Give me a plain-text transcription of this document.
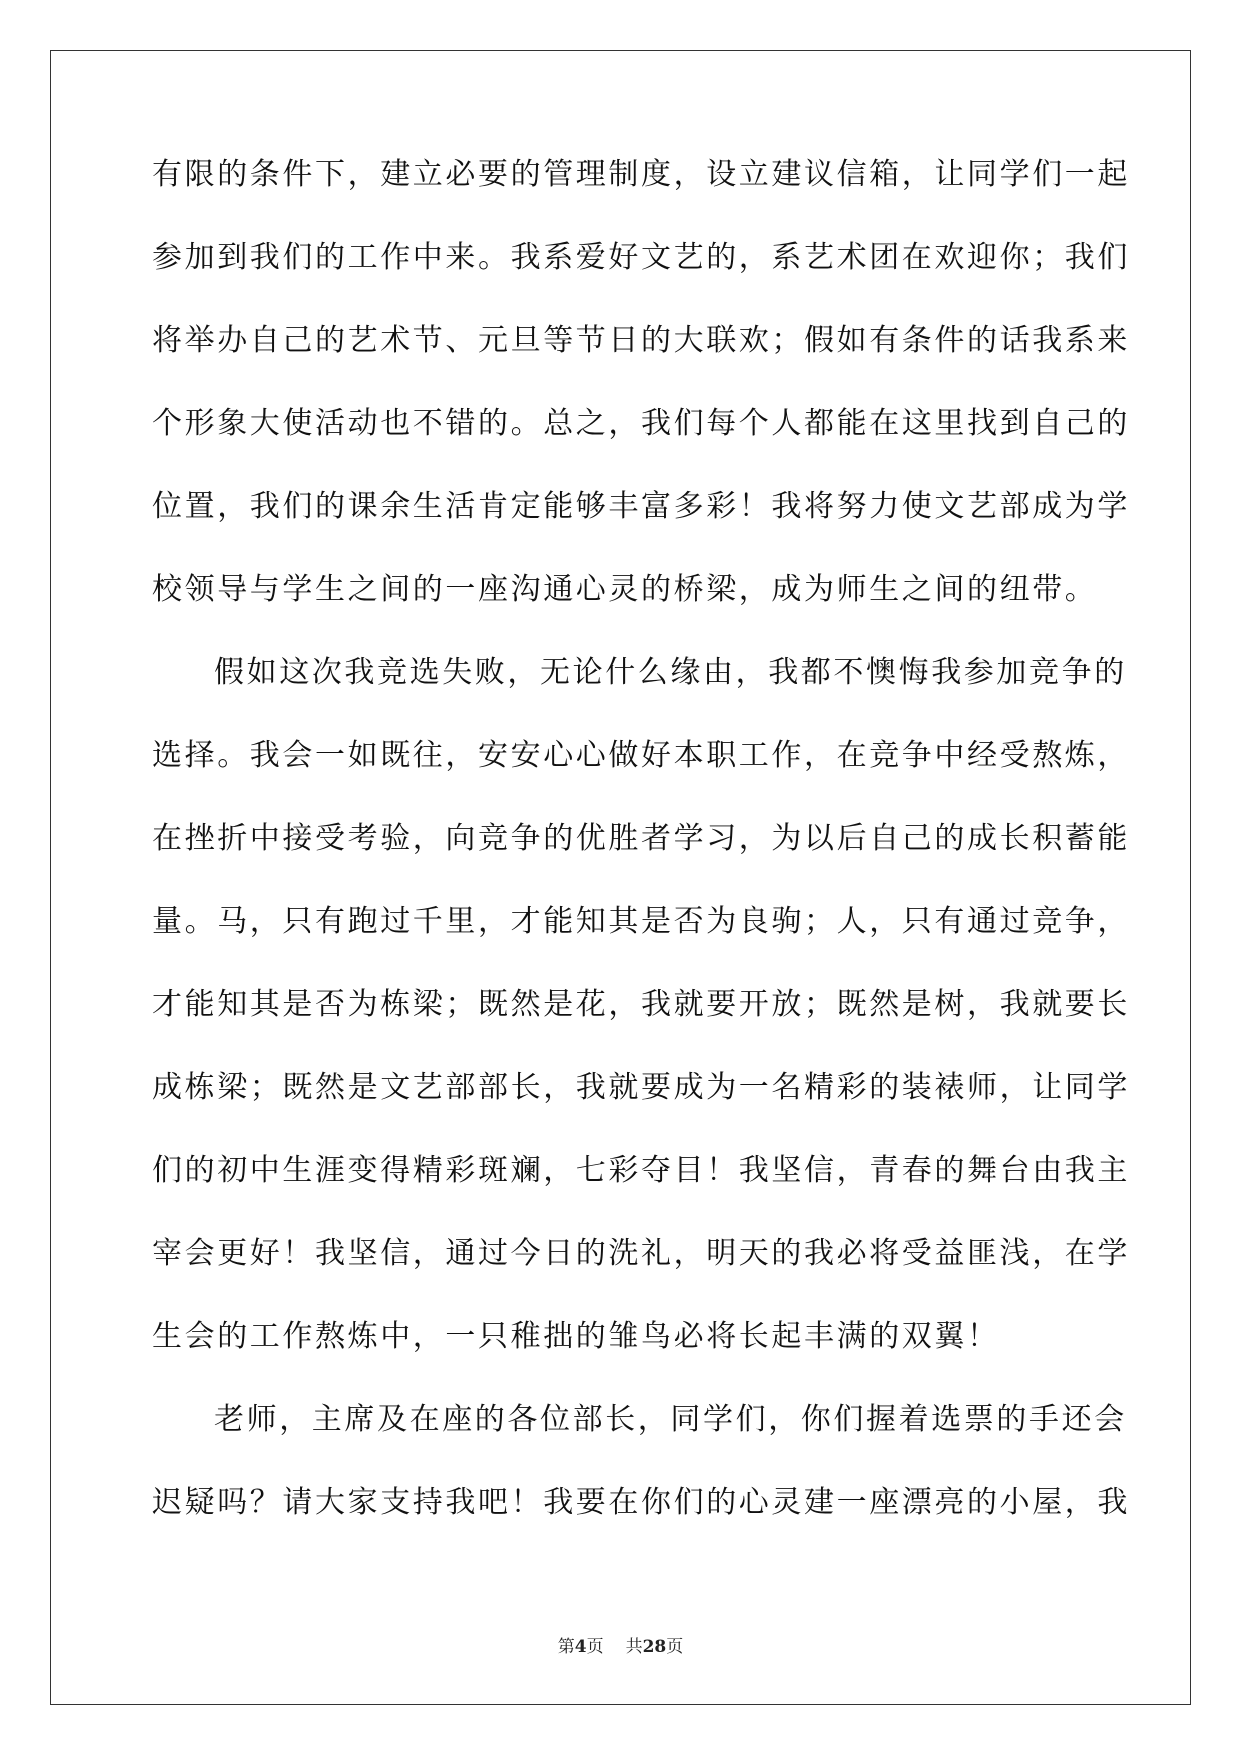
有限的条件下，建立必要的管理制度，设立建议信箱，让同学们一起
参加到我们的工作中来。我系爱好文艺的，系艺术团在欢迎你；我们
将举办自己的艺术节、元旦等节日的大联欢；假如有条件的话我系来
个形象大使活动也不错的。总之，我们每个人都能在这里找到自己的
位置，我们的课余生活肯定能够丰富多彩！我将努力使文艺部成为学
校领导与学生之间的一座沟通心灵的桥梁，成为师生之间的纽带。
假如这次我竞选失败，无论什么缘由，我都不懊悔我参加竞争的
选择。我会一如既往，安安心心做好本职工作，在竞争中经受熬炼，
在挫折中接受考验，向竞争的优胜者学习，为以后自己的成长积蓄能
量。马，只有跑过千里，才能知其是否为良驹；人，只有通过竞争，
才能知其是否为栋梁；既然是花，我就要开放；既然是树，我就要长
成栋梁；既然是文艺部部长，我就要成为一名精彩的装裱师，让同学
们的初中生涯变得精彩斑斓，七彩夺目！我坚信，青春的舞台由我主
宰会更好！我坚信，通过今日的洗礼，明天的我必将受益匪浅，在学
生会的工作熬炼中，一只稚拙的雏鸟必将长起丰满的双翼！
老师，主席及在座的各位部长，同学们，你们握着选票的手还会
迟疑吗？请大家支持我吧！我要在你们的心灵建一座漂亮的小屋，我
第4页 共28页
